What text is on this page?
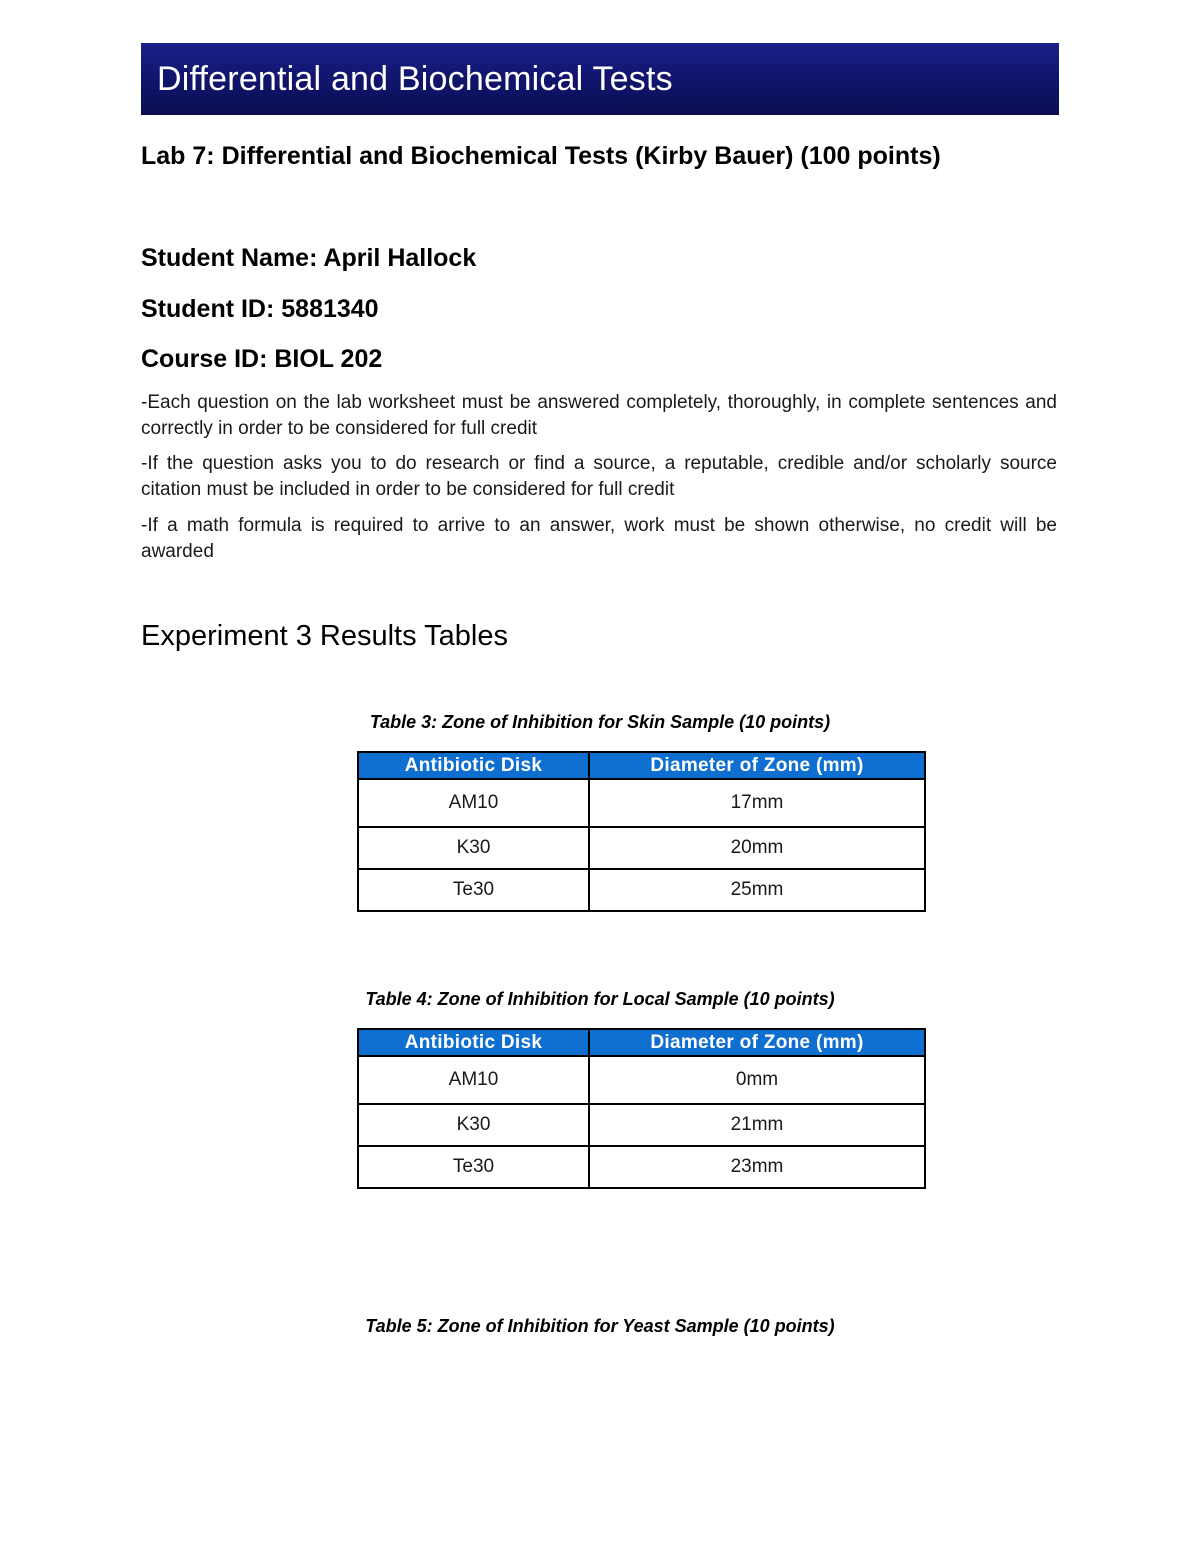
Differential and Biochemical Tests
Lab 7: Differential and Biochemical Tests (Kirby Bauer) (100 points)
Student Name: April Hallock
Student ID: 5881340
Course ID: BIOL 202
-Each question on the lab worksheet must be answered completely, thoroughly, in complete sentences and correctly in order to be considered for full credit
-If the question asks you to do research or find a source, a reputable, credible and/or scholarly source citation must be included in order to be considered for full credit
-If a math formula is required to arrive to an answer, work must be shown otherwise, no credit will be awarded
Experiment 3 Results Tables
Table 3: Zone of Inhibition for Skin Sample (10 points)
Antibiotic Disk	Diameter of Zone (mm)
AM10	17mm
K30	20mm
Te30	25mm
Table 4: Zone of Inhibition for Local Sample (10 points)
Antibiotic Disk	Diameter of Zone (mm)
AM10	0mm
K30	21mm
Te30	23mm
Table 5: Zone of Inhibition for Yeast Sample (10 points)
